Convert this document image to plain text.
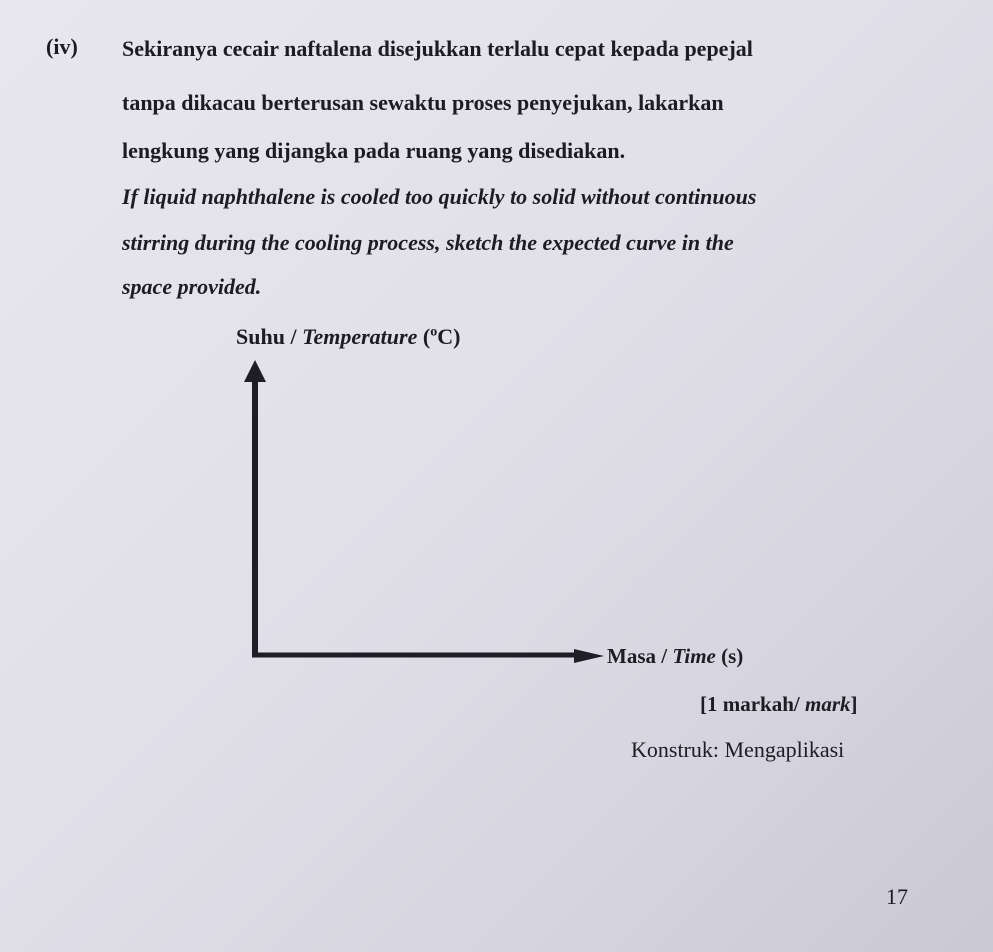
(iv) Sekiranya cecair naftalena disejukkan terlalu cepat kepada pepejal
tanpa dikacau berterusan sewaktu proses penyejukan, lakarkan
lengkung yang dijangka pada ruang yang disediakan.
If liquid naphthalene is cooled too quickly to solid without continuous
stirring during the cooling process, sketch the expected curve in the
space provided.
Suhu / Temperature ($^o$C)
Masa / Time (s)
[1 markah/ mark]
Konstruk: Mengaplikasi
17
